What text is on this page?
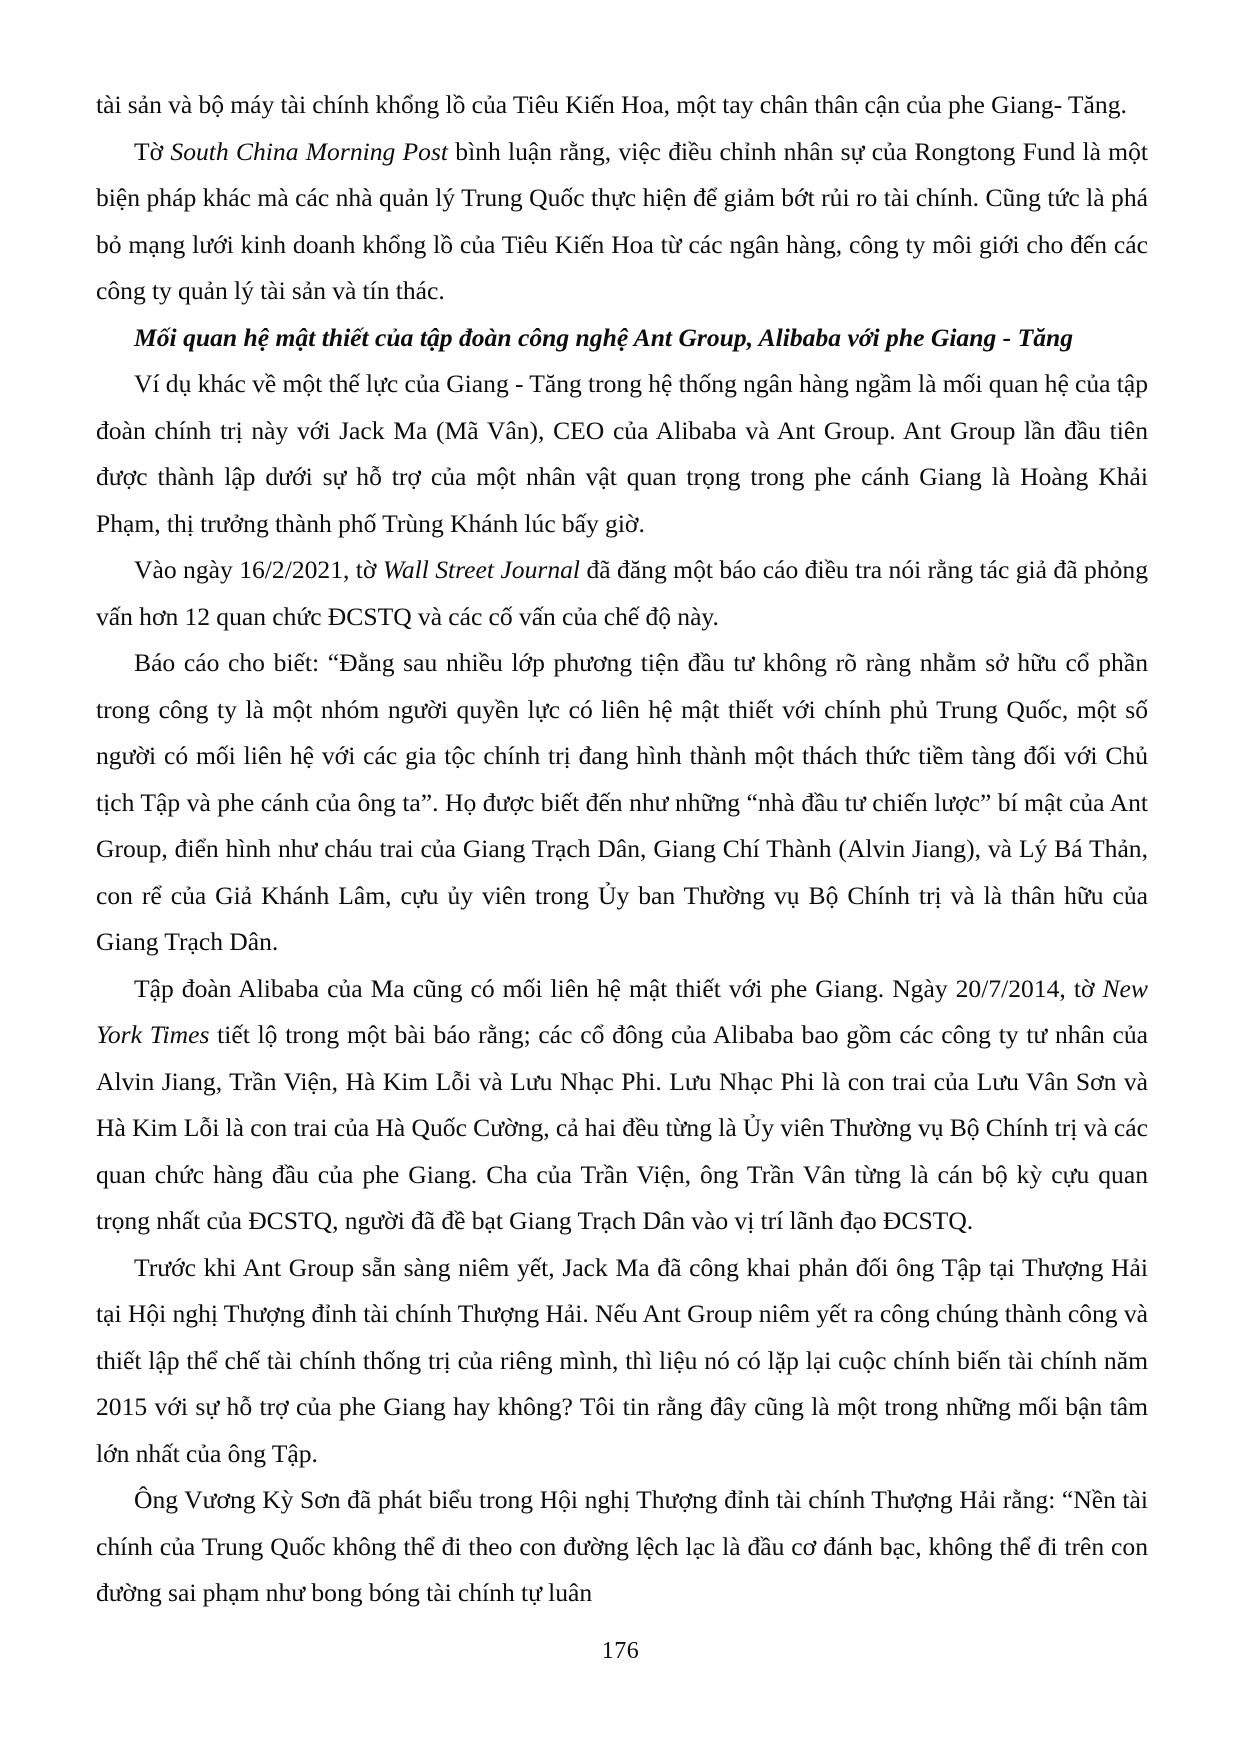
tài sản và bộ máy tài chính khổng lồ của Tiêu Kiến Hoa, một tay chân thân cận của phe Giang- Tăng.

Tờ South China Morning Post bình luận rằng, việc điều chỉnh nhân sự của Rongtong Fund là một biện pháp khác mà các nhà quản lý Trung Quốc thực hiện để giảm bớt rủi ro tài chính. Cũng tức là phá bỏ mạng lưới kinh doanh khổng lồ của Tiêu Kiến Hoa từ các ngân hàng, công ty môi giới cho đến các công ty quản lý tài sản và tín thác.

Mối quan hệ mật thiết của tập đoàn công nghệ Ant Group, Alibaba với phe Giang - Tăng

Ví dụ khác về một thế lực của Giang - Tăng trong hệ thống ngân hàng ngầm là mối quan hệ của tập đoàn chính trị này với Jack Ma (Mã Vân), CEO của Alibaba và Ant Group. Ant Group lần đầu tiên được thành lập dưới sự hỗ trợ của một nhân vật quan trọng trong phe cánh Giang là Hoàng Khải Phạm, thị trưởng thành phố Trùng Khánh lúc bấy giờ.

Vào ngày 16/2/2021, tờ Wall Street Journal đã đăng một báo cáo điều tra nói rằng tác giả đã phỏng vấn hơn 12 quan chức ĐCSTQ và các cố vấn của chế độ này.

Báo cáo cho biết: “Đằng sau nhiều lớp phương tiện đầu tư không rõ ràng nhằm sở hữu cổ phần trong công ty là một nhóm người quyền lực có liên hệ mật thiết với chính phủ Trung Quốc, một số người có mối liên hệ với các gia tộc chính trị đang hình thành một thách thức tiềm tàng đối với Chủ tịch Tập và phe cánh của ông ta”. Họ được biết đến như những “nhà đầu tư chiến lược” bí mật của Ant Group, điển hình như cháu trai của Giang Trạch Dân, Giang Chí Thành (Alvin Jiang), và Lý Bá Thản, con rể của Giả Khánh Lâm, cựu ủy viên trong Ủy ban Thường vụ Bộ Chính trị và là thân hữu của Giang Trạch Dân.

Tập đoàn Alibaba của Ma cũng có mối liên hệ mật thiết với phe Giang. Ngày 20/7/2014, tờ New York Times tiết lộ trong một bài báo rằng; các cổ đông của Alibaba bao gồm các công ty tư nhân của Alvin Jiang, Trần Viện, Hà Kim Lỗi và Lưu Nhạc Phi. Lưu Nhạc Phi là con trai của Lưu Vân Sơn và Hà Kim Lỗi là con trai của Hà Quốc Cường, cả hai đều từng là Ủy viên Thường vụ Bộ Chính trị và các quan chức hàng đầu của phe Giang. Cha của Trần Viện, ông Trần Vân từng là cán bộ kỳ cựu quan trọng nhất của ĐCSTQ, người đã đề bạt Giang Trạch Dân vào vị trí lãnh đạo ĐCSTQ.

Trước khi Ant Group sẵn sàng niêm yết, Jack Ma đã công khai phản đối ông Tập tại Thượng Hải tại Hội nghị Thượng đỉnh tài chính Thượng Hải. Nếu Ant Group niêm yết ra công chúng thành công và thiết lập thể chế tài chính thống trị của riêng mình, thì liệu nó có lặp lại cuộc chính biến tài chính năm 2015 với sự hỗ trợ của phe Giang hay không? Tôi tin rằng đây cũng là một trong những mối bận tâm lớn nhất của ông Tập.

Ông Vương Kỳ Sơn đã phát biểu trong Hội nghị Thượng đỉnh tài chính Thượng Hải rằng: “Nền tài chính của Trung Quốc không thể đi theo con đường lệch lạc là đầu cơ đánh bạc, không thể đi trên con đường sai phạm như bong bóng tài chính tự luân

176
